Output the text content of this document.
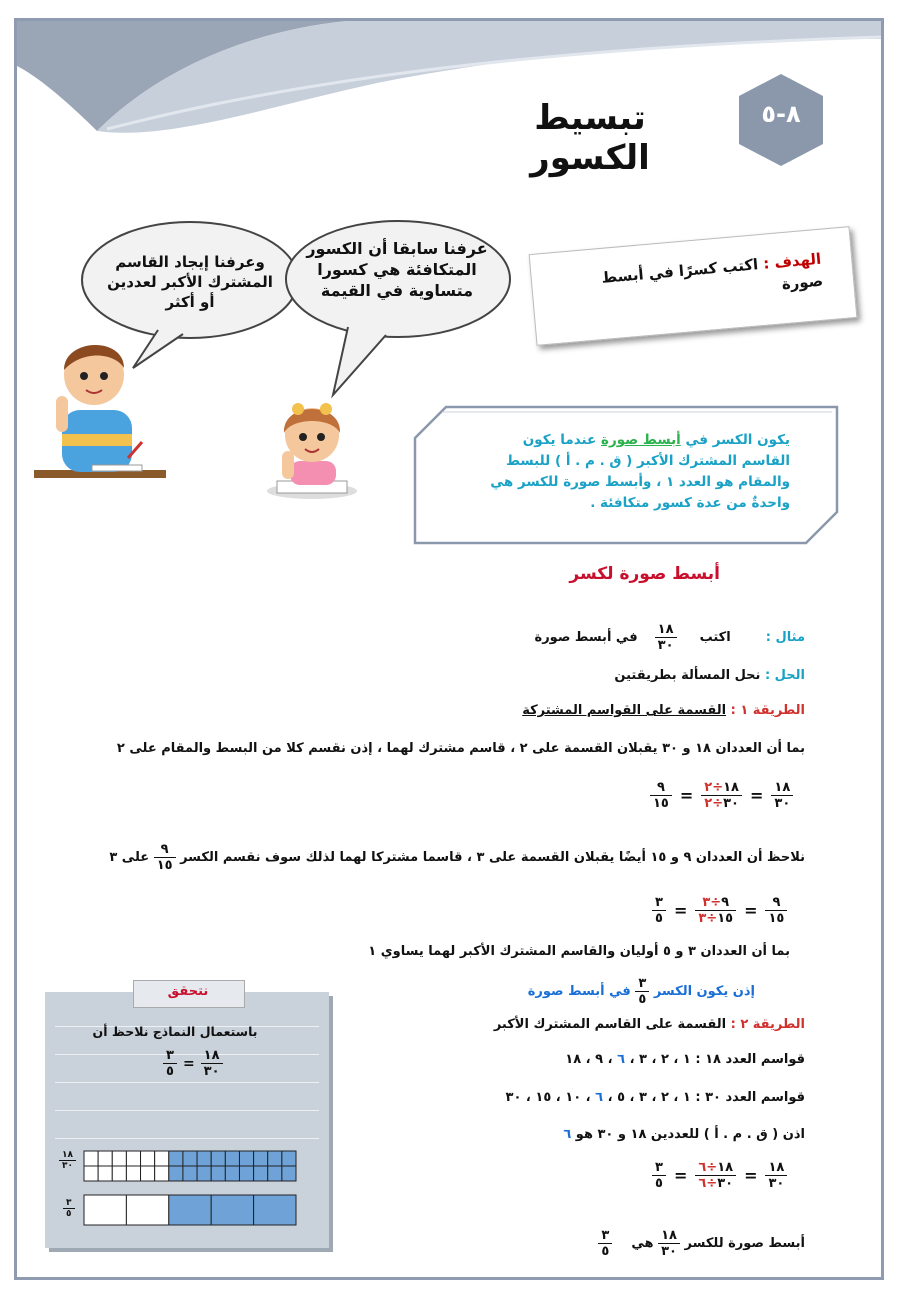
٨-٥
تبسيط الكسور
وعرفنا إيجاد القاسم المشترك الأكبر لعددين أو أكثر
عرفنا سابقا أن الكسور المتكافئة هي كسورا متساوية في القيمة
الهدف : اكتب كسرًا في أبسط صورة
يكون الكسر في أبسط صورة عندما يكون القاسم المشترك الأكبر ( ق . م . أ ) للبسط والمقام هو العدد ١ ، وأبسط صورة للكسر هي واحدةٌ من عدة كسور متكافئة .
أبسط صورة لكسر
مثال :  اكتب
$\frac{١٨}{٣٠}$
في أبسط صورة
الحل : نحل المسألة بطريقتين
الطريقة ١ : القسمة على القواسم المشتركة
بما أن العددان ١٨ و ٣٠ يقبلان القسمة على ٢ ، قاسم مشترك لهما ، إذن نقسم كلا من البسط والمقام على ٢
$\frac{٩}{١٥} = \frac{١٨\div ٢}{٣٠\div ٢} = \frac{١٨}{٣٠}$
نلاحظ أن العددان ٩ و ١٥ أيضًا يقبلان القسمة على ٣ ، قاسما مشتركا لهما لذلك سوف نقسم الكسر
$\frac{٩}{١٥}$
على ٣
$\frac{٣}{٥} = \frac{٩\div ٣}{١٥\div ٣} = \frac{٩}{١٥}$
بما أن العددان ٣ و ٥ أوليان والقاسم المشترك الأكبر لهما يساوي ١
إذن يكون الكسر
$\frac{٣}{٥}$
في أبسط صورة
الطريقة ٢ : القسمة على القاسم المشترك الأكبر
قواسم العدد ١٨ : ١ ، ٢ ، ٣ ، ٦ ، ٩ ، ١٨
قواسم العدد ٣٠ : ١ ، ٢ ، ٣ ، ٥ ، ٦ ، ١٠ ، ١٥ ، ٣٠
اذن ( ق . م . أ ) للعددين ١٨ و ٣٠ هو ٦
$\frac{٣}{٥} = \frac{١٨\div ٦}{٣٠\div ٦} = \frac{١٨}{٣٠}$
أبسط صورة للكسر
$\frac{١٨}{٣٠}$
هي
$\frac{٣}{٥}$
نتحقق
باستعمال النماذج نلاحظ أن
$\frac{٣}{٥} = \frac{١٨}{٣٠}$
$\frac{١٨}{٣٠}$
$\frac{٣}{٥}$
